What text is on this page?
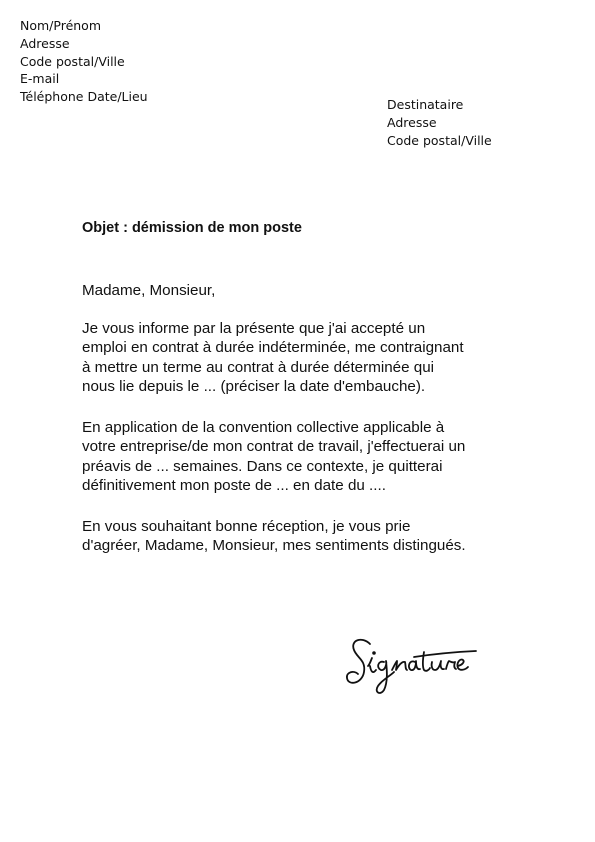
Nom/Prénom
Adresse
Code postal/Ville
E-mail
Téléphone Date/Lieu
Destinataire
Adresse
Code postal/Ville
Objet : démission de mon poste
Madame, Monsieur,
Je vous informe par la présente que j'ai accepté un
emploi en contrat à durée indéterminée, me contraignant
à mettre un terme au contrat à durée déterminée qui
nous lie depuis le ... (préciser la date d'embauche).
En application de la convention collective applicable à
votre entreprise/de mon contrat de travail, j'effectuerai un
préavis de ... semaines. Dans ce contexte, je quitterai
définitivement mon poste de ... en date du ....
En vous souhaitant bonne réception, je vous prie
d'agréer, Madame, Monsieur, mes sentiments distingués.
